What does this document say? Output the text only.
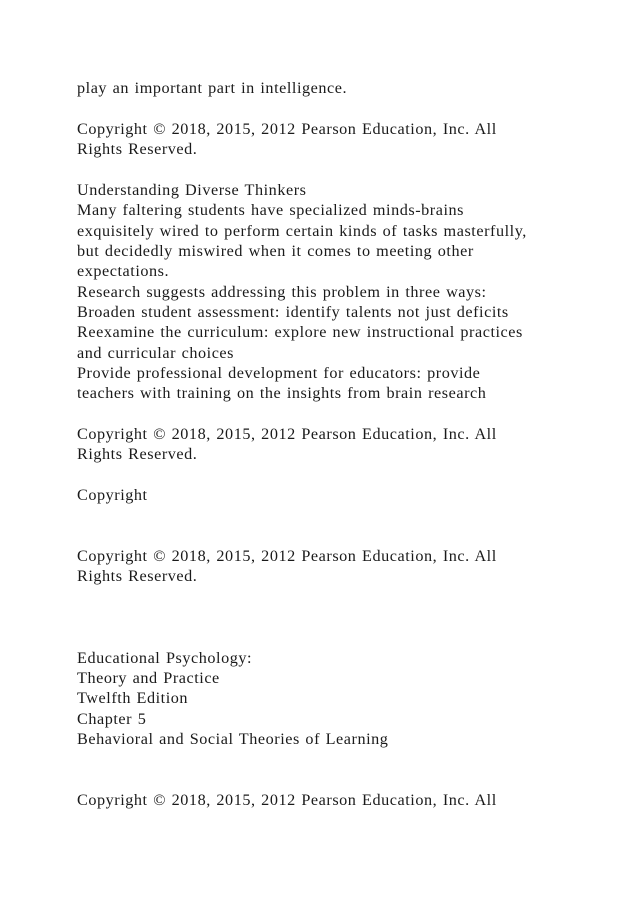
play an important part in intelligence.
Copyright © 2018, 2015, 2012 Pearson Education, Inc. All
Rights Reserved.
Understanding Diverse Thinkers
Many faltering students have specialized minds-brains
exquisitely wired to perform certain kinds of tasks masterfully,
but decidedly miswired when it comes to meeting other
expectations.
Research suggests addressing this problem in three ways:
Broaden student assessment: identify talents not just deficits
Reexamine the curriculum: explore new instructional practices
and curricular choices
Provide professional development for educators: provide
teachers with training on the insights from brain research
Copyright © 2018, 2015, 2012 Pearson Education, Inc. All
Rights Reserved.
Copyright
Copyright © 2018, 2015, 2012 Pearson Education, Inc. All
Rights Reserved.
Educational Psychology:
Theory and Practice
Twelfth Edition
Chapter 5
Behavioral and Social Theories of Learning
Copyright © 2018, 2015, 2012 Pearson Education, Inc. All
